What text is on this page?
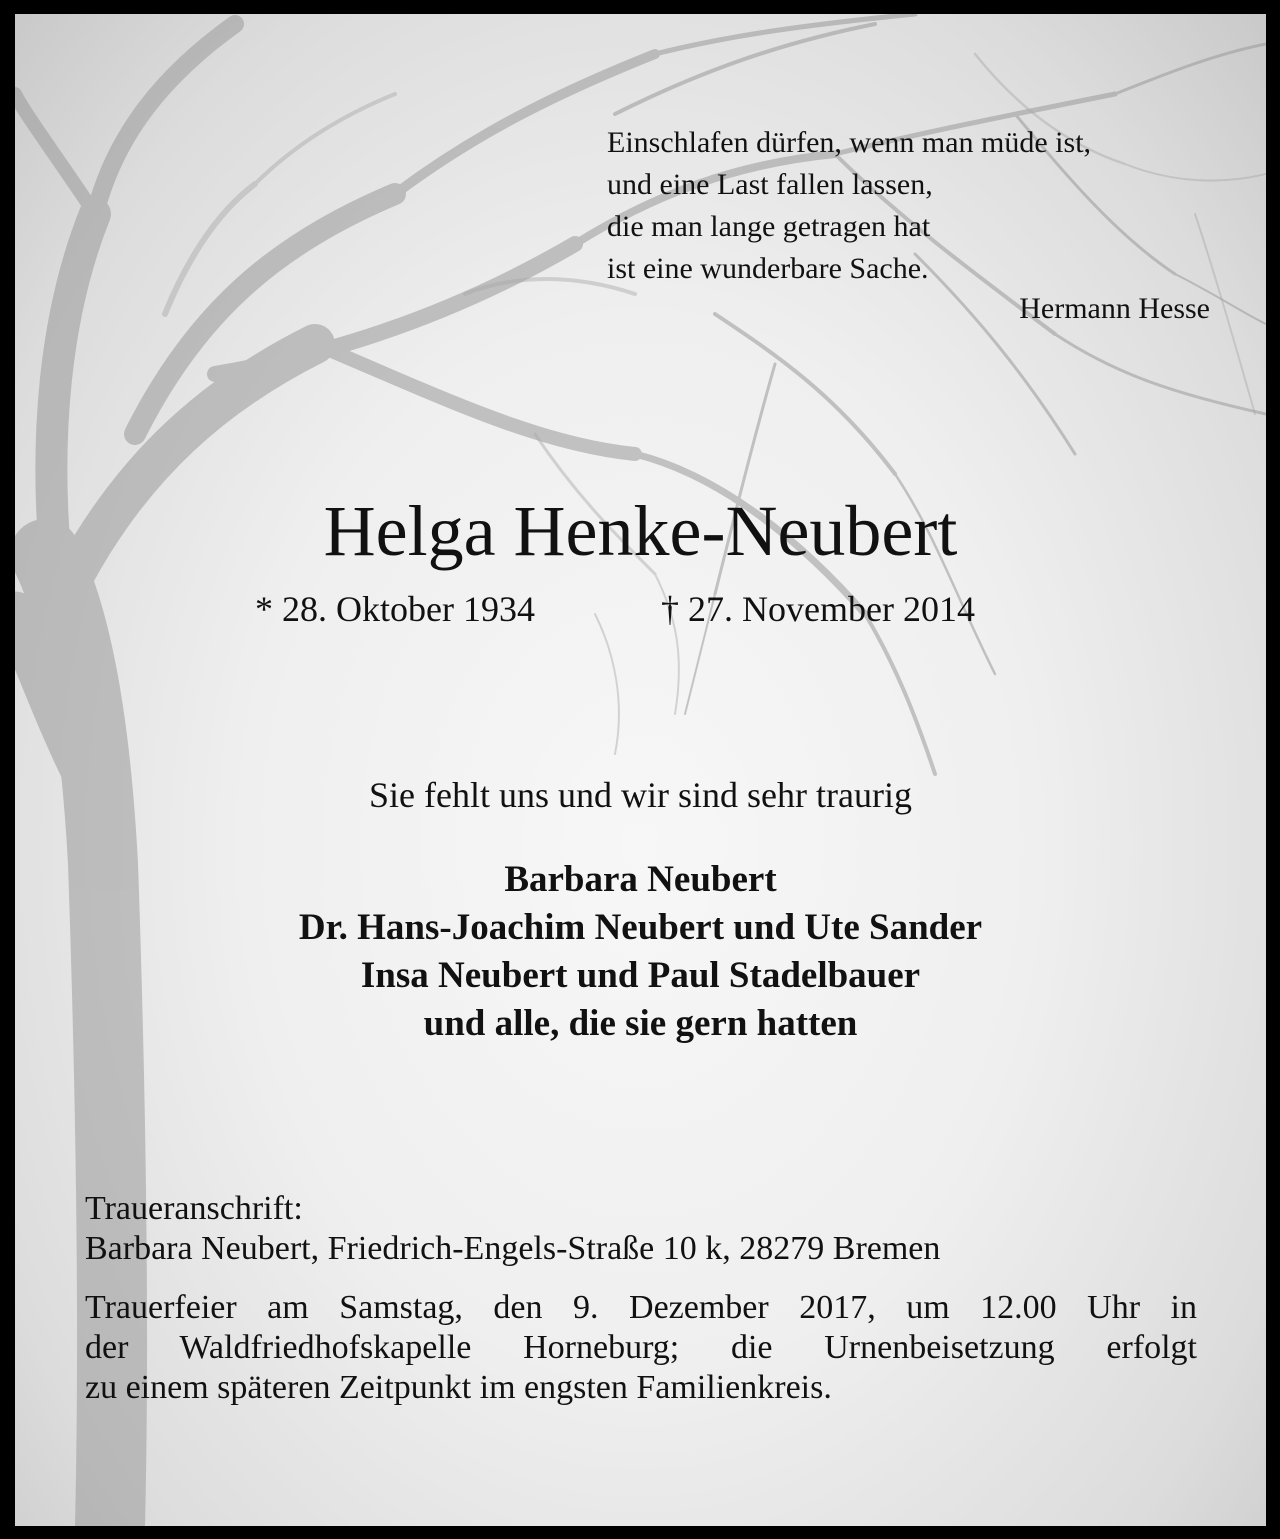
Einschlafen dürfen, wenn man müde ist,
und eine Last fallen lassen,
die man lange getragen hat
ist eine wunderbare Sache.
Hermann Hesse
Helga Henke-Neubert
* 28. Oktober 1934	† 27. November 2014
Sie fehlt uns und wir sind sehr traurig
Barbara Neubert
Dr. Hans-Joachim Neubert und Ute Sander
Insa Neubert und Paul Stadelbauer
und alle, die sie gern hatten
Traueranschrift:
Barbara Neubert, Friedrich-Engels-Straße 10 k, 28279 Bremen
Trauerfeier am Samstag, den 9. Dezember 2017, um 12.00 Uhr in
der Waldfriedhofskapelle Horneburg; die Urnenbeisetzung erfolgt
zu einem späteren Zeitpunkt im engsten Familienkreis.
